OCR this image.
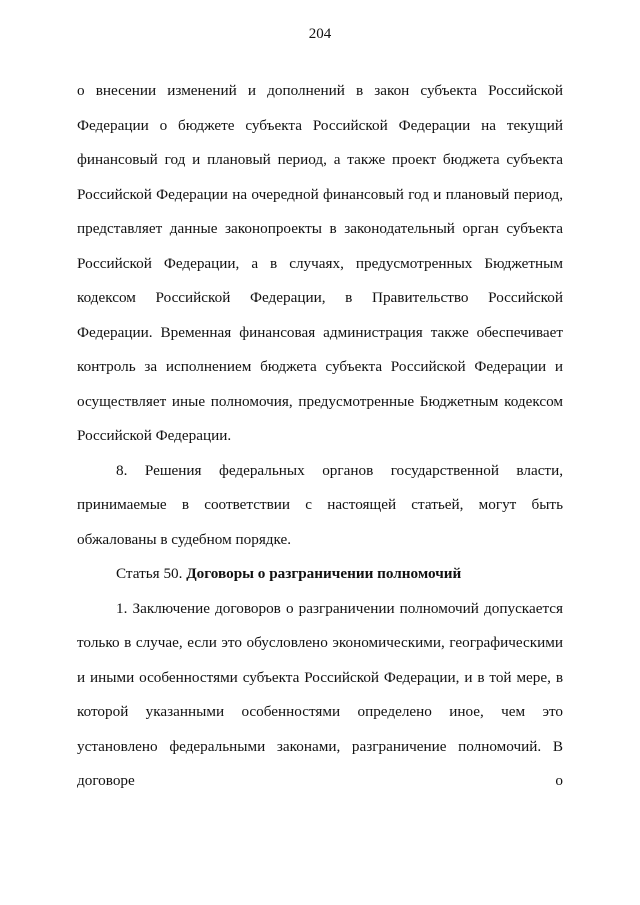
204

о внесении изменений и дополнений в закон субъекта Российской Федерации о бюджете субъекта Российской Федерации на текущий финансовый год и плановый период, а также проект бюджета субъекта Российской Федерации на очередной финансовый год и плановый период, представляет данные законопроекты в законодательный орган субъекта Российской Федерации, а в случаях, предусмотренных Бюджетным кодексом Российской Федерации, в Правительство Российской Федерации. Временная финансовая администрация также обеспечивает контроль за исполнением бюджета субъекта Российской Федерации и осуществляет иные полномочия, предусмотренные Бюджетным кодексом Российской Федерации.

8. Решения федеральных органов государственной власти, принимаемые в соответствии с настоящей статьей, могут быть обжалованы в судебном порядке.

Статья 50. Договоры о разграничении полномочий

1. Заключение договоров о разграничении полномочий допускается только в случае, если это обусловлено экономическими, географическими и иными особенностями субъекта Российской Федерации, и в той мере, в которой указанными особенностями определено иное, чем это установлено федеральными законами, разграничение полномочий. В договоре о
